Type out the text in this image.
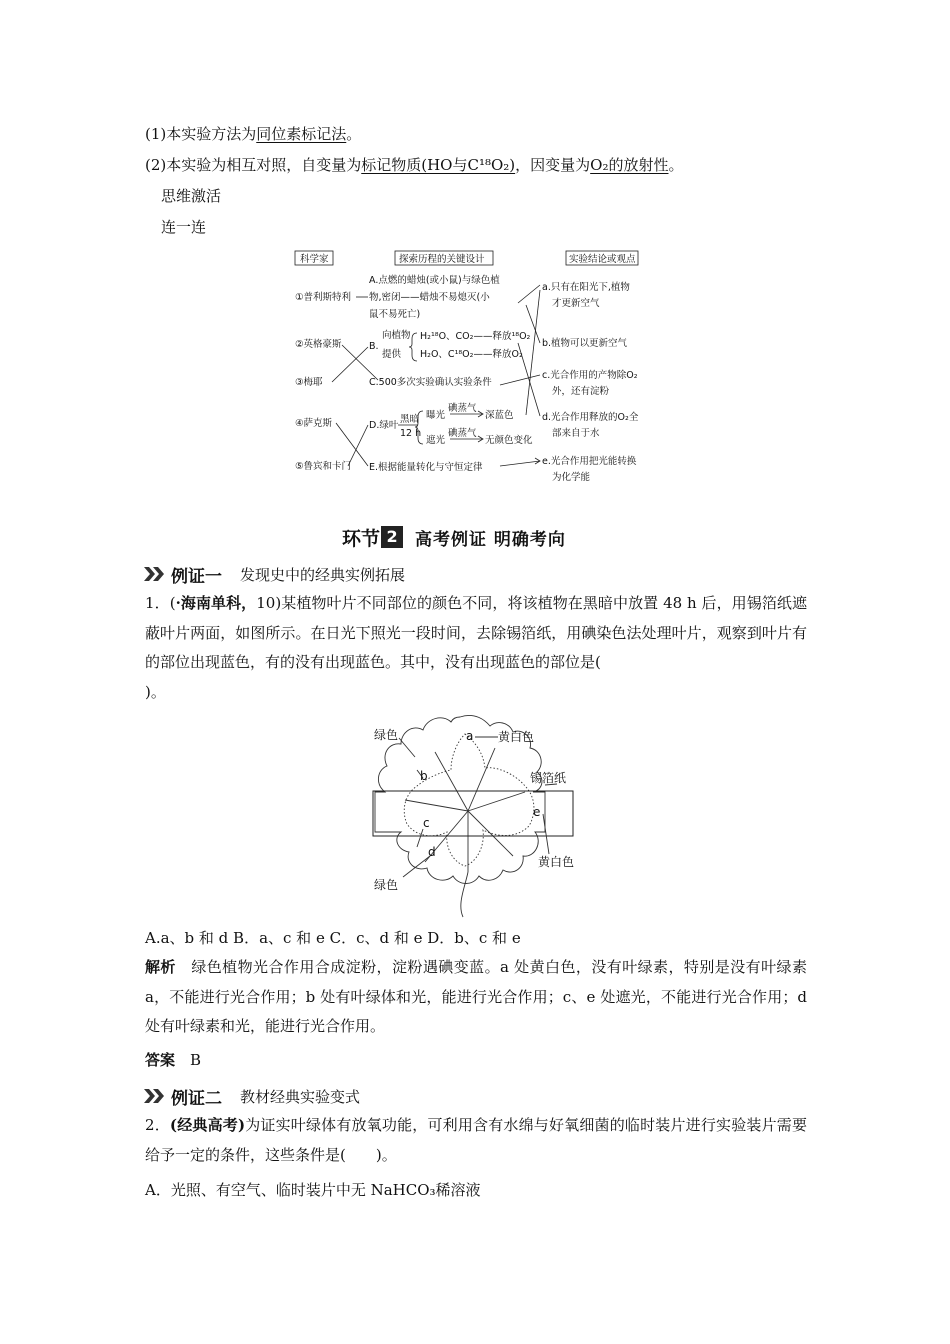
(1)本实验方法为同位素标记法。
(2)本实验为相互对照，自变量为标记物质(HO与C¹⁸O₂)，因变量为O₂的放射性。
思维激活
连一连
科学家	探索历程的关键设计	实验结论或观点
①普利斯特利
②英格豪斯
③梅耶
④萨克斯
⑤鲁宾和卡门
A.点燃的蜡烛(或小鼠)与绿色植
物,密闭——蜡烛不易熄灭(小
鼠不易死亡)
向植物
B.
提供
H₂¹⁸O、CO₂——释放¹⁸O₂
H₂O、C¹⁸O₂——释放O₂
C.500多次实验确认实验条件
D.绿叶
黑暗
12 h
曝光
碘蒸气
深蓝色
遮光
碘蒸气
无颜色变化
E.根据能量转化与守恒定律
a.只有在阳光下,植物
才更新空气
b.植物可以更新空气
c.光合作用的产物除O₂
外，还有淀粉
d.光合作用释放的O₂全
部来自于水
e.光合作用把光能转换
为化学能
环节 2	高考例证 明确考向
例证一 发现史中的经典实例拓展
1．(·海南单科，10)某植物叶片不同部位的颜色不同，将该植物在黑暗中放置 48 h 后，用锡箔纸遮蔽叶片两面，如图所示。在日光下照光一段时间，去除锡箔纸，用碘染色法处理叶片，观察到叶片有的部位出现蓝色，有的没有出现蓝色。其中，没有出现蓝色的部位是(
)。
绿色	a 黄白色
b	锡箔纸
c
e
d
黄白色
绿色
A.a、b 和 d B．a、c 和 e C．c、d 和 e D．b、c 和 e
解析　 绿色植物光合作用合成淀粉，淀粉遇碘变蓝。a 处黄白色，没有叶绿素，特别是没有叶绿素 a，不能进行光合作用；b 处有叶绿体和光，能进行光合作用；c、e 处遮光，不能进行光合作用；d 处有叶绿素和光，能进行光合作用。
答案　 B
例证二 教材经典实验变式
2．(经典高考)为证实叶绿体有放氧功能，可利用含有水绵与好氧细菌的临时装片进行实验装片需要给予一定的条件，这些条件是(　　)。
A．光照、有空气、临时装片中无 NaHCO₃稀溶液
